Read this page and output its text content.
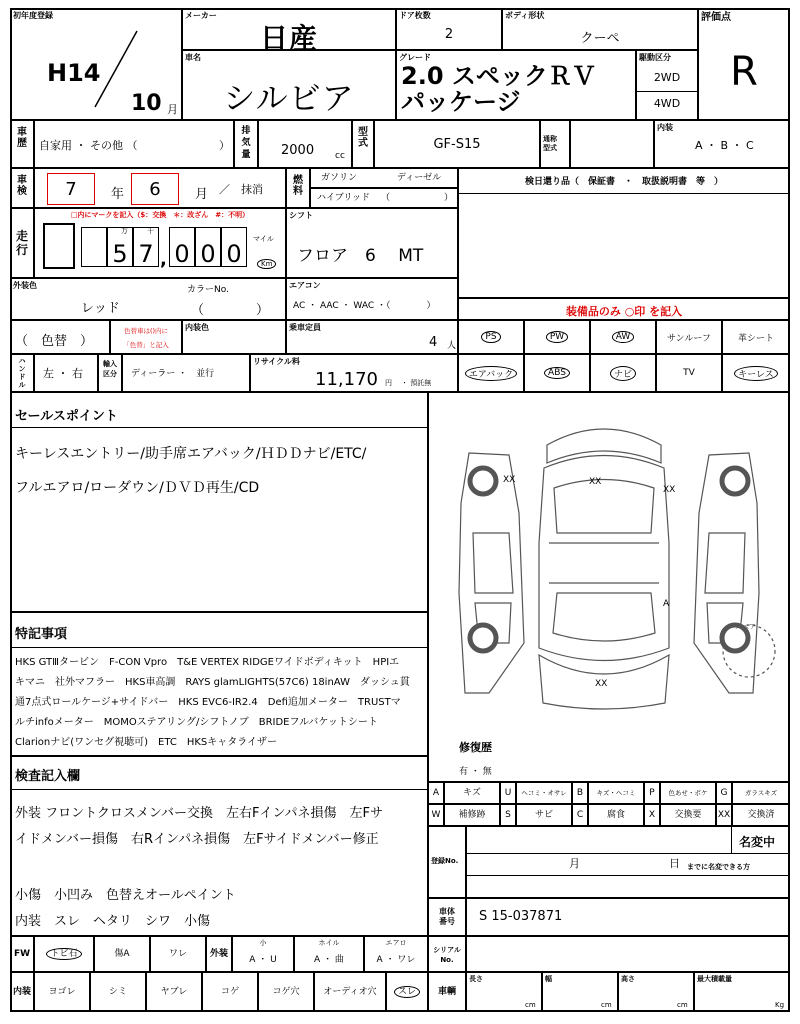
初年度登録
H14
10 月
メーカー
日産
ドア枚数
2
ボディ形状
クーペ
評価点
R
車名
シルビア
グレード
2.0 スペックＲＶ
パッケージ
駆動区分
2WD
4WD
車
歴	自家用 ・ その他 （	）
排
気
量	2000 cc
型
式	GF-S15	通称
型式
内装
A ・ B ・ C
車
検	7	年	6	月 ／　抹消
燃
料
ガソリン	ディーゼル
ハイブリッド （　　　　　　）
検日還り品（　保証書　・　取扱説明書　等　）
走
行
□内にマークを記入（$：交換　＊：改ざん　#：不明）
5 7 0 0 0
万	千
,
マイル
Km
シフト
フロア　6　 MT
外装色
レッド
カラーNo.
（　　　　）
エアコン
AC ・ AAC ・ WAC ・（　　　　）	装備品のみ ○印 を記入
（　色替　）
色替車は()内に
「色替」と記入
内装色	乗車定員
4 人
PS	PW	AW	サンルーフ	革シート
ハ
ン
ド
ル
左 ・ 右
輸入
区分	ディーラー ・　並行
リサイクル料
11,170 円 ・ 預託無
エアバック	ABS	ナビ	TV	キーレス
セールスポイント
キーレスエントリー/助手席エアバック/ＨＤＤナビ/ETC/
フルエアロ/ローダウン/ＤＶＤ再生/CD
特記事項
HKS GTⅢタービン　F-CON Vpro　T&E VERTEX RIDGEワイドボディキット　HPIエ
キマニ　社外マフラー　HKS車高調　RAYS glamLIGHTS(57C6) 18inAW　ダッシュ貫
通7点式ロールケージ+サイドバー　HKS EVC6-IR2.4　Defi追加メーター　TRUSTマ
ルチinfoメーター　MOMOステアリング/シフトノブ　BRIDEフルバケットシート
Clarionナビ(ワンセグ視聴可)　ETC　HKSキャタライザー
検査記入欄
外装 フロントクロスメンバー交換　左右Fインパネ損傷　左Fサ
イドメンバー損傷　右Rインパネ損傷　左Fサイドメンバー修正
小傷　小凹み　色替えオールペイント
内装　スレ　ヘタリ　シワ　小傷
XX	XX
XX
A
XX
スペア
修復歴
有 ・ 無
A	キズ	U	ヘコミ・オサレ	B	キズ・ヘコミ	P	色あせ・ボケ	G	ガラスキズ
W	補修跡	S	サビ	C	腐食	X	交換要	XX	交換済
登録No.
名変中
月	日 までに名変できる方
車体
番号	S 15-037871
FW	トビ石	傷A	ワレ	外装
小
A ・ U
ホイル
A ・ 曲
エアロ
A ・ ワレ
シリアル
No.
内装	ヨゴレ	シミ	ヤブレ	コゲ	コゲ穴	オーディオ穴	スレ	車輌
長さ
cm
幅
cm
高さ
cm
最大積載量
Kg
